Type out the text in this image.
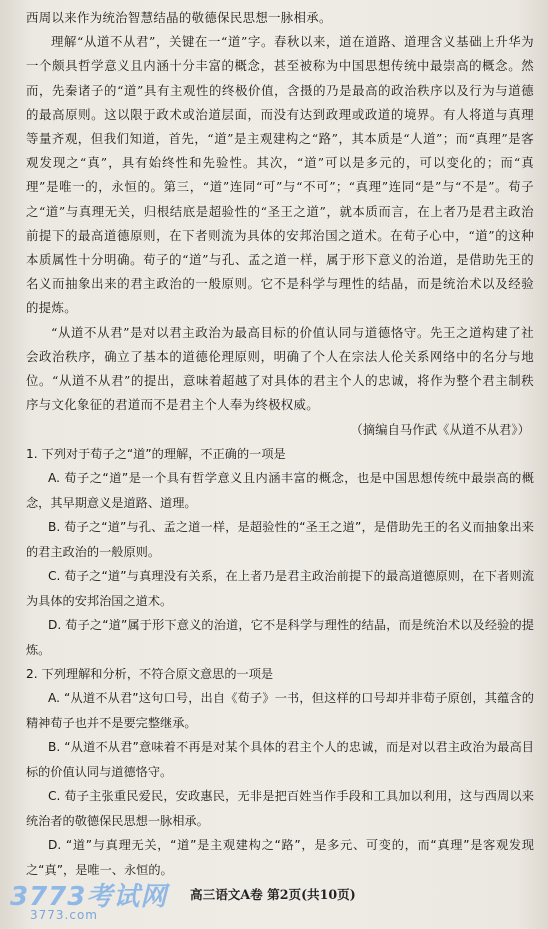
西周以来作为统治智慧结晶的敬德保民思想一脉相承。

理解“从道不从君”，关键在一“道”字。春秋以来，道在道路、道理含义基础上升华为一个颇具哲学意义且内涵十分丰富的概念，甚至被称为中国思想传统中最崇高的概念。然而，先秦诸子的“道”具有主观性的终极价值，含摄的乃是最高的政治秩序以及行为与道德的最高原则。这以限于政术或治道层面，而没有达到政理或政道的境界。有人将道与真理等量齐观，但我们知道，首先，“道”是主观建构之“路”，其本质是“人道”；而“真理”是客观发现之“真”，具有始终性和先验性。其次，“道”可以是多元的，可以变化的；而“真理”是唯一的，永恒的。第三，“道”连同“可”与“不可”；“真理”连同“是”与“不是”。荀子之“道”与真理无关，归根结底是超验性的“圣王之道”，就本质而言，在上者乃是君主政治前提下的最高道德原则，在下者则流为具体的安邦治国之道术。在荀子心中，“道”的这种本质属性十分明确。荀子的“道”与孔、孟之道一样，属于形下意义的治道，是借助先王的名义而抽象出来的君主政治的一般原则。它不是科学与理性的结晶，而是统治术以及经验的提炼。

“从道不从君”是对以君主政治为最高目标的价值认同与道德恪守。先王之道构建了社会政治秩序，确立了基本的道德伦理原则，明确了个人在宗法人伦关系网络中的名分与地位。“从道不从君”的提出，意味着超越了对具体的君主个人的忠诚，将作为整个君主制秩序与文化象征的君道而不是君主个人奉为终极权威。

（摘编自马作武《从道不从君》）

1. 下列对于荀子之“道”的理解，不正确的一项是

A. 荀子之“道”是一个具有哲学意义且内涵丰富的概念，也是中国思想传统中最崇高的概念，其早期意义是道路、道理。

B. 荀子之“道”与孔、孟之道一样，是超验性的“圣王之道”，是借助先王的名义而抽象出来的君主政治的一般原则。

C. 荀子之“道”与真理没有关系，在上者乃是君主政治前提下的最高道德原则，在下者则流为具体的安邦治国之道术。

D. 荀子之“道”属于形下意义的治道，它不是科学与理性的结晶，而是统治术以及经验的提炼。

2. 下列理解和分析，不符合原文意思的一项是

A. “从道不从君”这句口号，出自《荀子》一书，但这样的口号却并非荀子原创，其蕴含的精神荀子也并不是要完整继承。

B. “从道不从君”意味着不再是对某个具体的君主个人的忠诚，而是对以君主政治为最高目标的价值认同与道德恪守。

C. 荀子主张重民爱民，安政惠民，无非是把百姓当作手段和工具加以利用，这与西周以来统治者的敬德保民思想一脉相承。

D. “道”与真理无关，“道”是主观建构之“路”，是多元、可变的，而“真理”是客观发现之“真”，是唯一、永恒的。

3773考试网
3773.com
高三语文A卷 第2页(共10页)
